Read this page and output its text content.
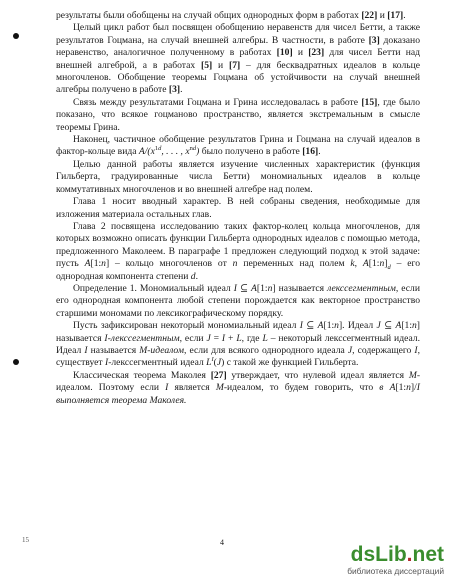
результаты были обобщены на случай общих однородных форм в работах [22] и [17].

Целый цикл работ был посвящен обобщению неравенств для чисел Бетти, а также результатов Гоцмана, на случай внешней алгебры. В частности, в работе [3] доказано неравенство, аналогичное полученному в работах [10] и [23] для чисел Бетти над внешней алгеброй, а в работах [5] и [7] – для бесквадратных идеалов в кольце многочленов. Обобщение теоремы Гоцмана об устойчивости на случай внешней алгебры получено в работе [3].

Связь между результатами Гоцмана и Грина исследовалась в работе [15], где было показано, что всякое гоцманово пространство, является экстремальным в смысле теоремы Грина.

Наконец, частичное обобщение результатов Грина и Гоцмана на случай идеалов в фактор-кольце вида $A/(x^{1d}$, . . . , $x^{nd}$) было получено в работе [16].

Целью данной работы является изучение численных характеристик (функция Гильберта, градуированные числа Бетти) мономиальных идеалов в кольце коммутативных многочленов и во внешней алгебре над полем.

Глава 1 носит вводный характер. В ней собраны сведения, необходимые для изложения материала остальных глав.

Глава 2 посвящена исследованию таких фактор-колец кольца многочленов, для которых возможно описать функции Гильберта однородных идеалов с помощью метода, предложенного Маколеем. В параграфе 1 предложен следующий подход к этой задаче: пусть A[1:n] – кольцо многочленов от n переменных над полем k, $A[1:n]_d$ – его однородная компонента степени d.

Определение 1. Мономиальный идеал I ⊆ A[1:n] называется лексcегментным, если его однородная компонента любой степени порождается как векторное пространство старшими мономами по лексикографическому порядку.

Пусть зафиксирован некоторый мономиальный идеал I ⊆ A[1:n]. Идеал J ⊆ A[1:n] называется I-лексcегментным, если J = I + L, где L – некоторый лексcегментный идеал. Идеал I называется M-идеалом, если для всякого однородного идеала J, содержащего I, существует I-лексcегментный идеал $L^I(J)$ с такой же функцией Гильберта.

Классическая теорема Маколея [27] утверждает, что нулевой идеал является M-идеалом. Поэтому если I является M-идеалом, то будем говорить, что в A[1:n]/I выполняется теорема Маколея.

15	4
dsLib.net
библиотека диссертаций
